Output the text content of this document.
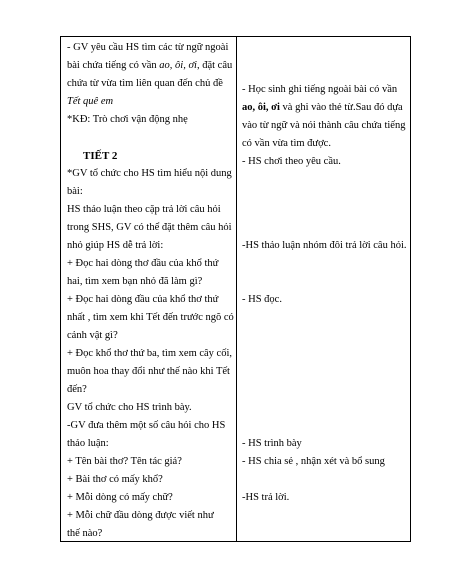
- GV yêu cầu HS tìm các từ ngữ ngoài
bài chứa tiếng có vần ao, ôi, ơi, đặt câu
chứa từ vừa tìm liên quan đến chủ đề
Tết quê em
*KĐ: Trò chơi vận động nhẹ
TIẾT 2
*GV tổ chức cho HS tìm hiểu nội dung
bài:
HS thảo luận theo cặp trả lời câu hỏi
trong SHS, GV có thể đặt thêm câu hỏi
nhỏ giúp HS dễ trả lời:
+ Đọc hai dòng thơ đầu của khổ thứ
hai, tìm xem bạn nhỏ đã làm gì?
+ Đọc hai dòng đầu của khổ thơ thứ
nhất , tìm xem khi Tết đến trước ngõ có
cảnh vật gì?
+ Đọc khổ thơ thứ ba, tìm xem cây cối,
muôn hoa thay đổi như thế nào khi Tết
đến?
GV tổ chức cho HS trình bày.
-GV đưa thêm một số câu hỏi cho HS
thảo luận:
+ Tên bài thơ? Tên tác giả?
+ Bài thơ có mấy khổ?
+ Mỗi dòng có mấy chữ?
+ Mỗi chữ đầu dòng được viết như
thế nào?
- Học sinh ghi tiếng ngoài bài có vần
ao, ôi, ơi và ghi vào thẻ từ.Sau đó dựa
vào từ ngữ và nói thành câu chứa tiếng
có vần vừa tìm được.
- HS chơi theo yêu cầu.
-HS thảo luận nhóm đôi trả lời câu hỏi.
- HS đọc.
- HS trình bày
- HS chia sẻ , nhận xét và bổ sung
-HS trả lời.
